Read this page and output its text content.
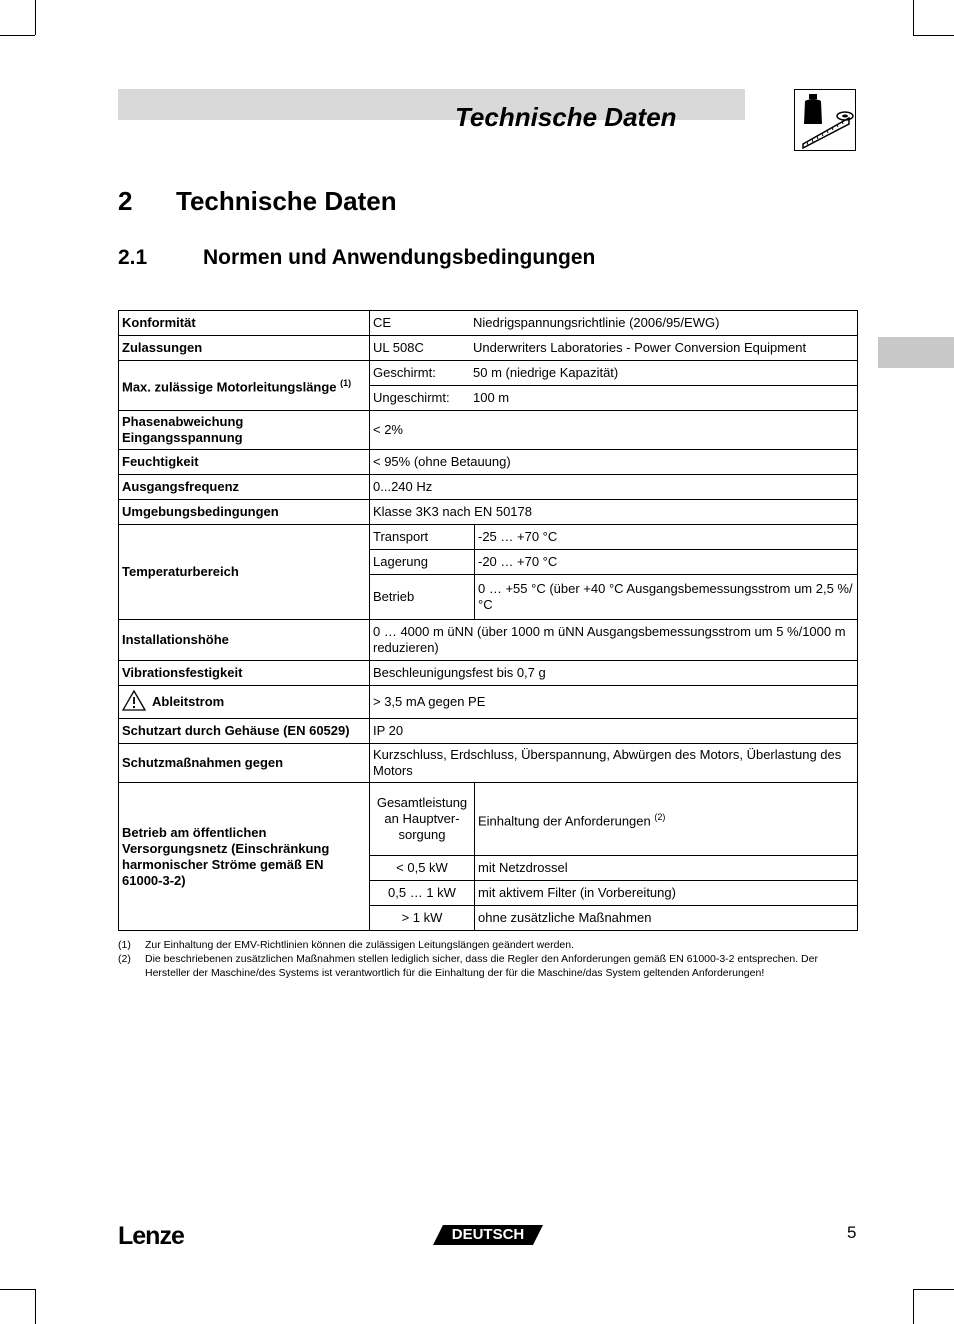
Technische Daten
2 Technische Daten
2.1	Normen und Anwendungsbedingungen
Konformität	CE Niedrigspannungsrichtlinie (2006/95/EWG)	
Zulassungen	UL 508C Underwriters Laboratories - Power Conversion Equipment	
Max. zulässige Motorleitungslänge $^{(1)}$	Geschirmt: 50 m (niedrige Kapazität)	
	Ungeschirmt: 100 m	
Phasenabweichung
Eingangsspannung	< 2%	
Feuchtigkeit	< 95% (ohne Betauung)	
Ausgangsfrequenz	0...240 Hz	
Umgebungsbedingungen	Klasse 3K3 nach EN 50178	
Temperaturbereich	Transport	-25 … +70 °C
	Lagerung	-20 … +70 °C
	Betrieb	0 … +55 °C (über +40 °C Ausgangsbemessungsstrom um 2,5 %/°C
Installationshöhe	0 … 4000 m üNN (über 1000 m üNN Ausgangsbemessungsstrom um 5 %/1000 m reduzieren)	
Vibrationsfestigkeit	Beschleunigungsfest bis 0,7 g	
Ableitstrom	> 3,5 mA gegen PE	
Schutzart durch Gehäuse (EN 60529)	IP 20	
Schutzmaßnahmen gegen	Kurzschluss, Erdschluss, Überspannung, Abwürgen des Motors, Überlastung des Motors	
Betrieb am öffentlichen Versorgungsnetz (Einschränkung harmonischer Ströme gemäß EN 61000-3-2)	Gesamtleistung an Hauptver-sorgung	Einhaltung der Anforderungen $^{(2)}$
	< 0,5 kW	mit Netzdrossel
	0,5 … 1 kW	mit aktivem Filter (in Vorbereitung)
	> 1 kW	ohne zusätzliche Maßnahmen
(1)	Zur Einhaltung der EMV-Richtlinien können die zulässigen Leitungslängen geändert werden.
(2)	Die beschriebenen zusätzlichen Maßnahmen stellen lediglich sicher, dass die Regler den Anforderungen gemäß EN 61000-3-2 entsprechen. Der Hersteller der Maschine/des Systems ist verantwortlich für die Einhaltung der für die Maschine/das System geltenden Anforderungen!
Lenze	DEUTSCH	5
